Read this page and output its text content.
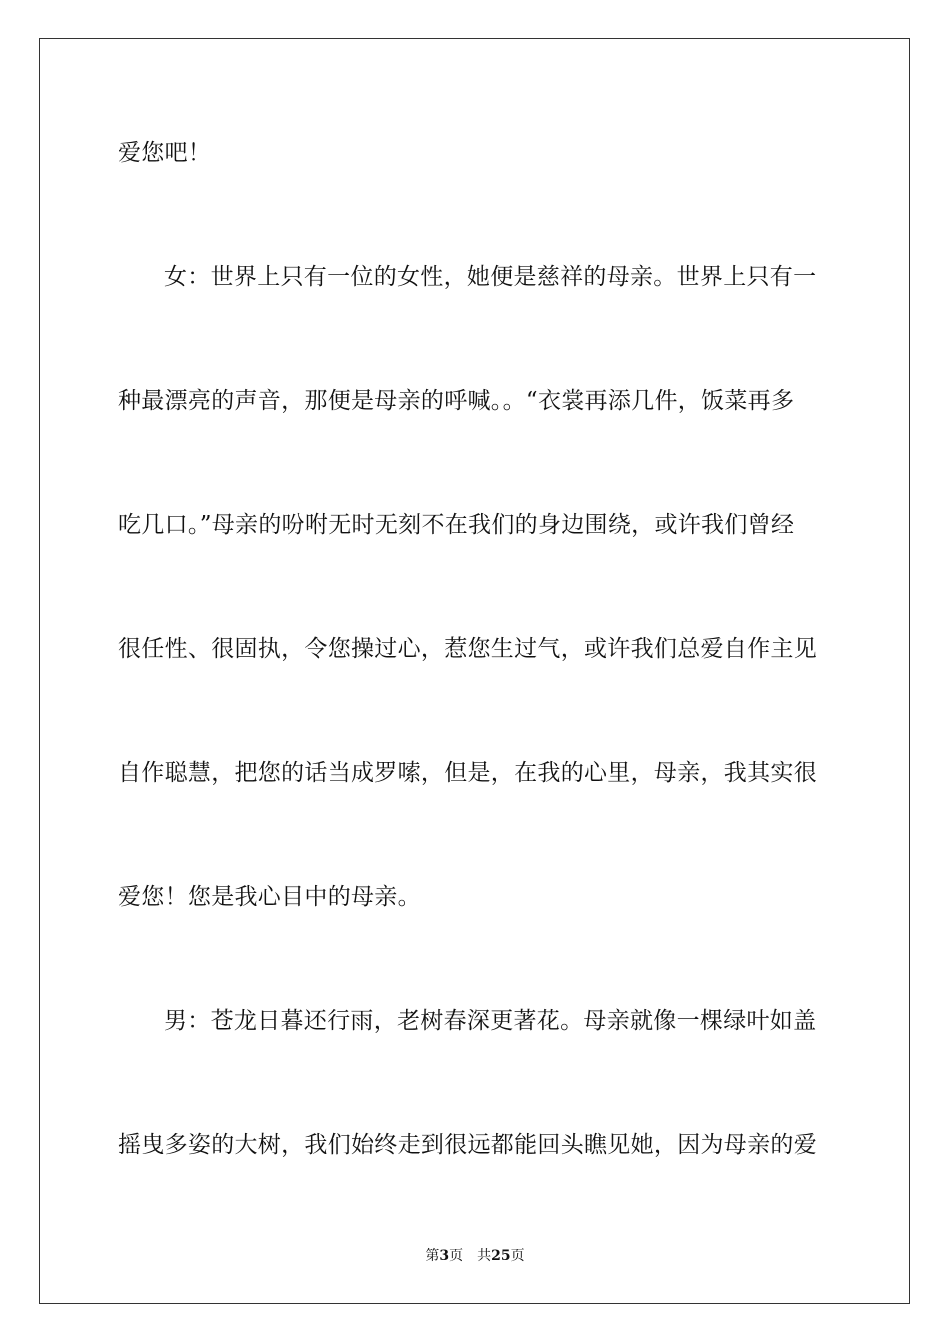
爱您吧！
女：世界上只有一位的女性，她便是慈祥的母亲。世界上只有一
种最漂亮的声音，那便是母亲的呼喊。。“衣裳再添几件，饭菜再多
吃几口。”母亲的吩咐无时无刻不在我们的身边围绕，或许我们曾经
很任性、很固执，令您操过心，惹您生过气，或许我们总爱自作主见
自作聪慧，把您的话当成罗嗦，但是，在我的心里，母亲，我其实很
爱您！您是我心目中的母亲。
男：苍龙日暮还行雨，老树春深更著花。母亲就像一棵绿叶如盖
摇曳多姿的大树，我们始终走到很远都能回头瞧见她，因为母亲的爱
第3页 共25页
